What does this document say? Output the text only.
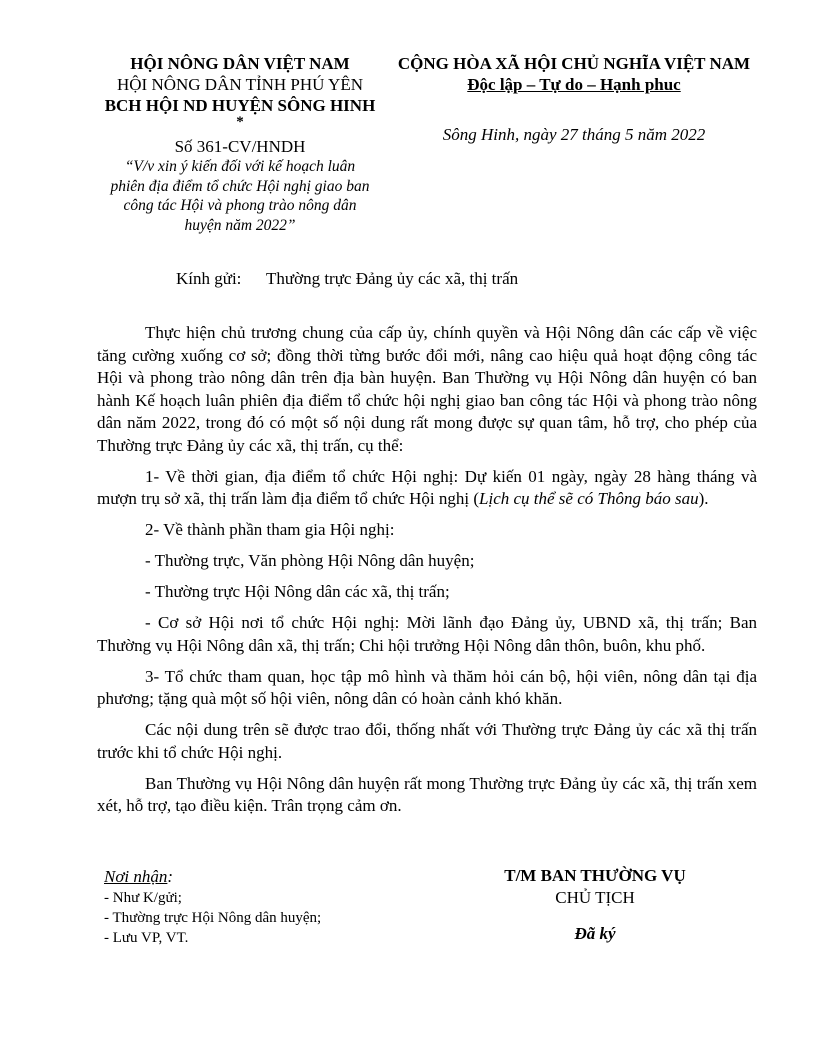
HỘI NÔNG DÂN VIỆT NAM
HỘI NÔNG DÂN TỈNH PHÚ YÊN
BCH HỘI ND HUYỆN SÔNG HINH
*
Số 361-CV/HNDH
“V/v xin ý kiến đối với kế hoạch luân phiên địa điểm tổ chức Hội nghị giao ban công tác Hội và phong trào nông dân huyện năm 2022”
CỘNG HÒA XÃ HỘI CHỦ NGHĨA VIỆT NAM
Độc lập – Tự do – Hạnh phuc
Sông Hinh, ngày 27 tháng 5 năm 2022
Kính gửi: Thường trực Đảng ủy các xã, thị trấn

Thực hiện chủ trương chung của cấp ủy, chính quyền và Hội Nông dân các cấp về việc tăng cường xuống cơ sở; đồng thời từng bước đổi mới, nâng cao hiệu quả hoạt động công tác Hội và phong trào nông dân trên địa bàn huyện. Ban Thường vụ Hội Nông dân huyện có ban hành Kế hoạch luân phiên địa điểm tổ chức hội nghị giao ban công tác Hội và phong trào nông dân năm 2022, trong đó có một số nội dung rất mong được sự quan tâm, hỗ trợ, cho phép của Thường trực Đảng ủy các xã, thị trấn, cụ thể:

1- Về thời gian, địa điểm tổ chức Hội nghị: Dự kiến 01 ngày, ngày 28 hàng tháng và mượn trụ sở xã, thị trấn làm địa điểm tổ chức Hội nghị (Lịch cụ thể sẽ có Thông báo sau).

2- Về thành phần tham gia Hội nghị:

- Thường trực, Văn phòng Hội Nông dân huyện;

- Thường trực Hội Nông dân các xã, thị trấn;

- Cơ sở Hội nơi tổ chức Hội nghị: Mời lãnh đạo Đảng ủy, UBND xã, thị trấn; Ban Thường vụ Hội Nông dân xã, thị trấn; Chi hội trưởng Hội Nông dân thôn, buôn, khu phố.

3- Tổ chức tham quan, học tập mô hình và thăm hỏi cán bộ, hội viên, nông dân tại địa phương; tặng quà một số hội viên, nông dân có hoàn cảnh khó khăn.

Các nội dung trên sẽ được trao đổi, thống nhất với Thường trực Đảng ủy các xã thị trấn trước khi tổ chức Hội nghị.

Ban Thường vụ Hội Nông dân huyện rất mong Thường trực Đảng ủy các xã, thị trấn xem xét, hỗ trợ, tạo điều kiện. Trân trọng cảm ơn.

Nơi nhận:
- Như K/gửi;
- Thường trực Hội Nông dân huyện;
- Lưu VP, VT.
T/M BAN THƯỜNG VỤ
CHỦ TỊCH
Đã ký
